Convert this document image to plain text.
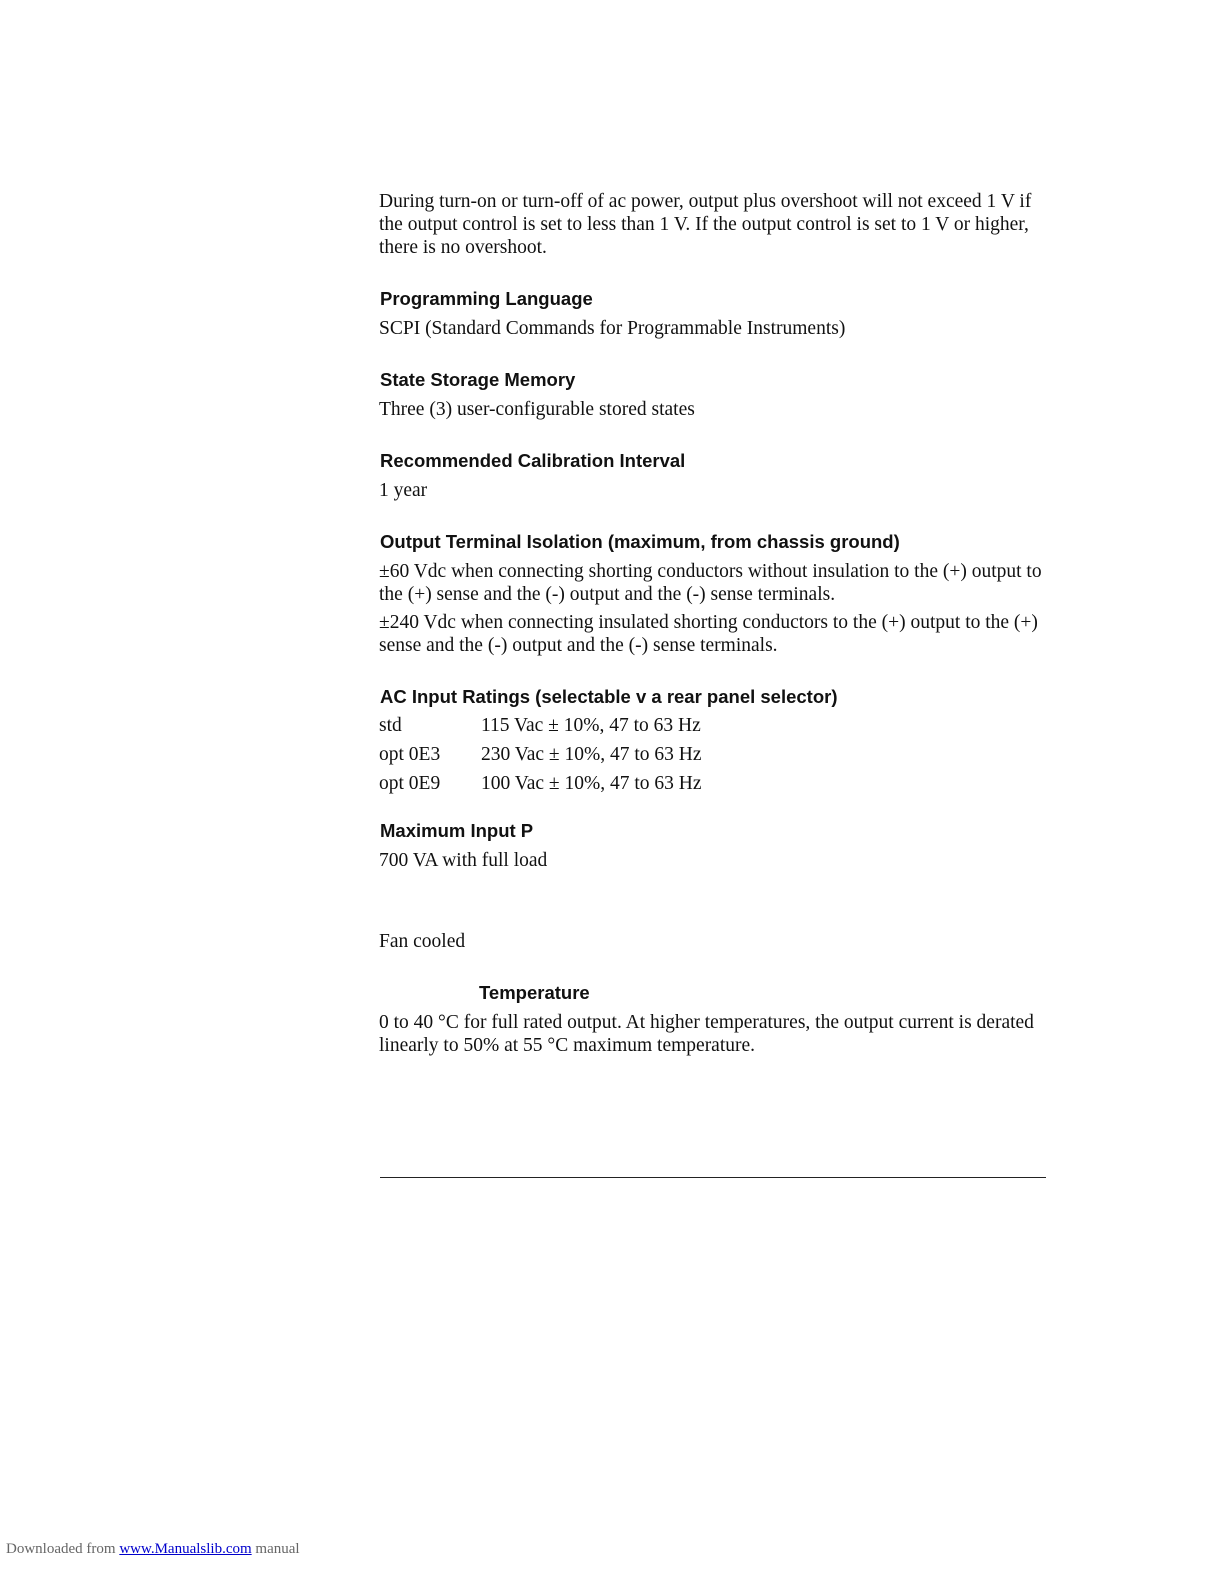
During turn-on or turn-off of ac power, output plus overshoot will not exceed 1 V if the output control is set to less than 1 V. If the output control is set to 1 V or higher, there is no overshoot.

Programming Language

SCPI (Standard Commands for Programmable Instruments)

State Storage Memory

Three (3) user-configurable stored states

Recommended Calibration Interval

1 year

Output Terminal Isolation (maximum, from chassis ground)

±60 Vdc when connecting shorting conductors without insulation to the (+) output to the (+) sense and the (-) output and the (-) sense terminals.

±240 Vdc when connecting insulated shorting conductors to the (+) output to the (+) sense and the (-) output and the (-) sense terminals.

AC Input Ratings (selectable v a rear panel selector)

std	115 Vac ± 10%, 47 to 63 Hz
opt 0E3	230 Vac ± 10%, 47 to 63 Hz
opt 0E9	100 Vac ± 10%, 47 to 63 Hz

Maximum Input P

700 VA with full load

Fan cooled

Temperature

0 to 40 °C for full rated output. At higher temperatures, the output current is derated linearly to 50% at 55 °C maximum temperature.

Downloaded from www.Manualslib.com manual
